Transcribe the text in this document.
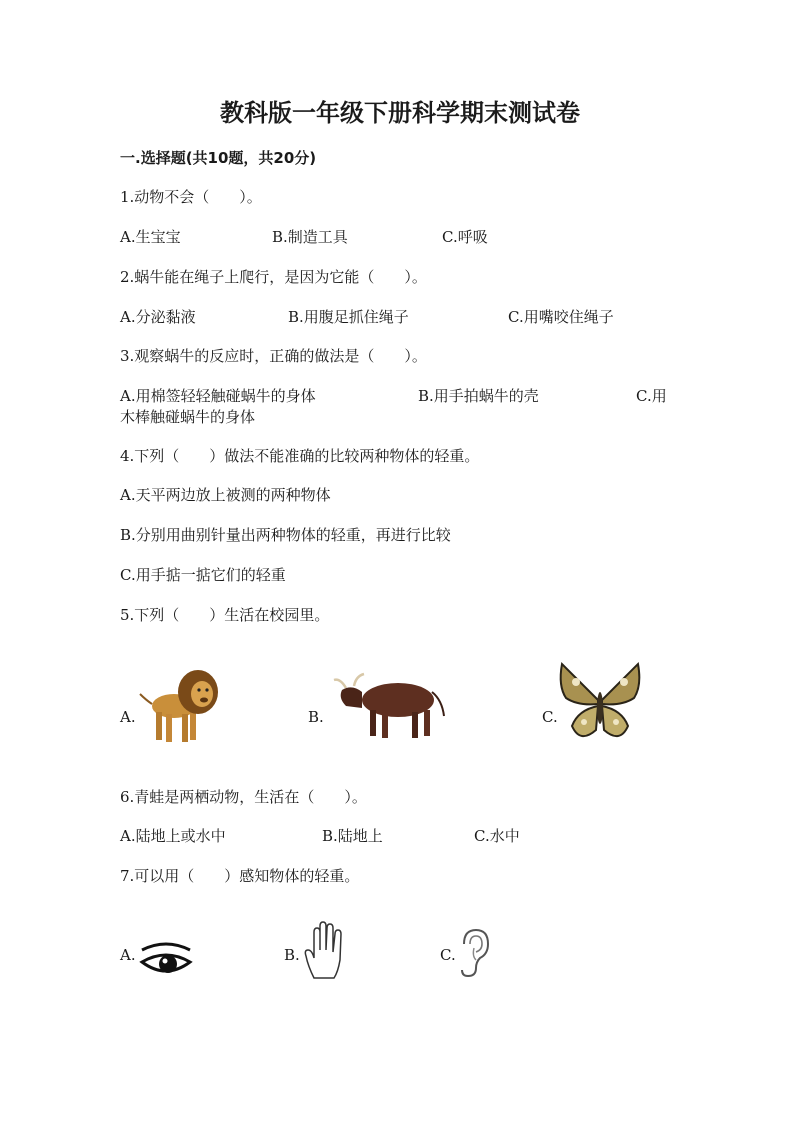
教科版一年级下册科学期末测试卷
一.选择题(共10题，共20分)
1.动物不会（　　）。
A.生宝宝	B.制造工具	C.呼吸
2.蜗牛能在绳子上爬行，是因为它能（　　）。
A.分泌黏液	B.用腹足抓住绳子	C.用嘴咬住绳子
3.观察蜗牛的反应时，正确的做法是（　　）。
A.用棉签轻轻触碰蜗牛的身体	B.用手拍蜗牛的壳	C.用
木棒触碰蜗牛的身体
4.下列（　　）做法不能准确的比较两种物体的轻重。
A.天平两边放上被测的两种物体
B.分别用曲别针量出两种物体的轻重，再进行比较
C.用手掂一掂它们的轻重
5.下列（　　）生活在校园里。
A.	B.	C.
6.青蛙是两栖动物，生活在（　　）。
A.陆地上或水中	B.陆地上	C.水中
7.可以用（　　）感知物体的轻重。
A.	B.	C.
